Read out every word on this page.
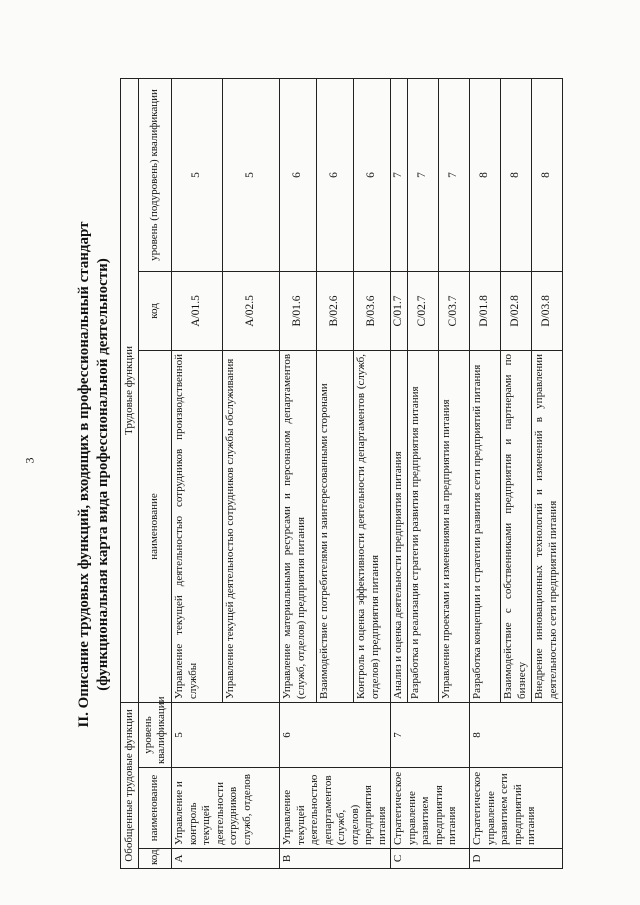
3	II. Описание трудовых функций, входящих в профессиональный стандарт (функциональная карта вида профессиональной деятельности)
Обобщенные трудовые функции			Трудовые функции		
код	наименование	уровень квалификации	наименование	код	уровень (подуровень) квалификации
A	Управление и контроль текущей деятельности сотрудников служб, отделов	5	Управление текущей деятельностью сотрудников производственной службы	A/01.5	5
			Управление текущей деятельностью сотрудников службы обслуживания	A/02.5	5
B	Управление текущей деятельностью департаментов (служб, отделов) предприятия питания	6	Управление материальными ресурсами и персоналом департаментов (служб, отделов) предприятия питания	B/01.6	6
			Взаимодействие с потребителями и заинтересованными сторонами	B/02.6	6
			Контроль и оценка эффективности деятельности департаментов (служб, отделов) предприятия питания	B/03.6	6
C	Стратегическое управление развитием предприятия питания	7	Анализ и оценка деятельности предприятия питания	C/01.7	7
			Разработка и реализация стратегии развития предприятия питания	C/02.7	7
			Управление проектами и изменениями на предприятии питания	C/03.7	7
D	Стратегическое управление развитием сети предприятий питания	8	Разработка концепции и стратегии развития сети предприятий питания	D/01.8	8
			Взаимодействие с собственниками предприятия и партнерами по бизнесу	D/02.8	8
			Внедрение инновационных технологий и изменений в управлении деятельностью сети предприятий питания	D/03.8	8
